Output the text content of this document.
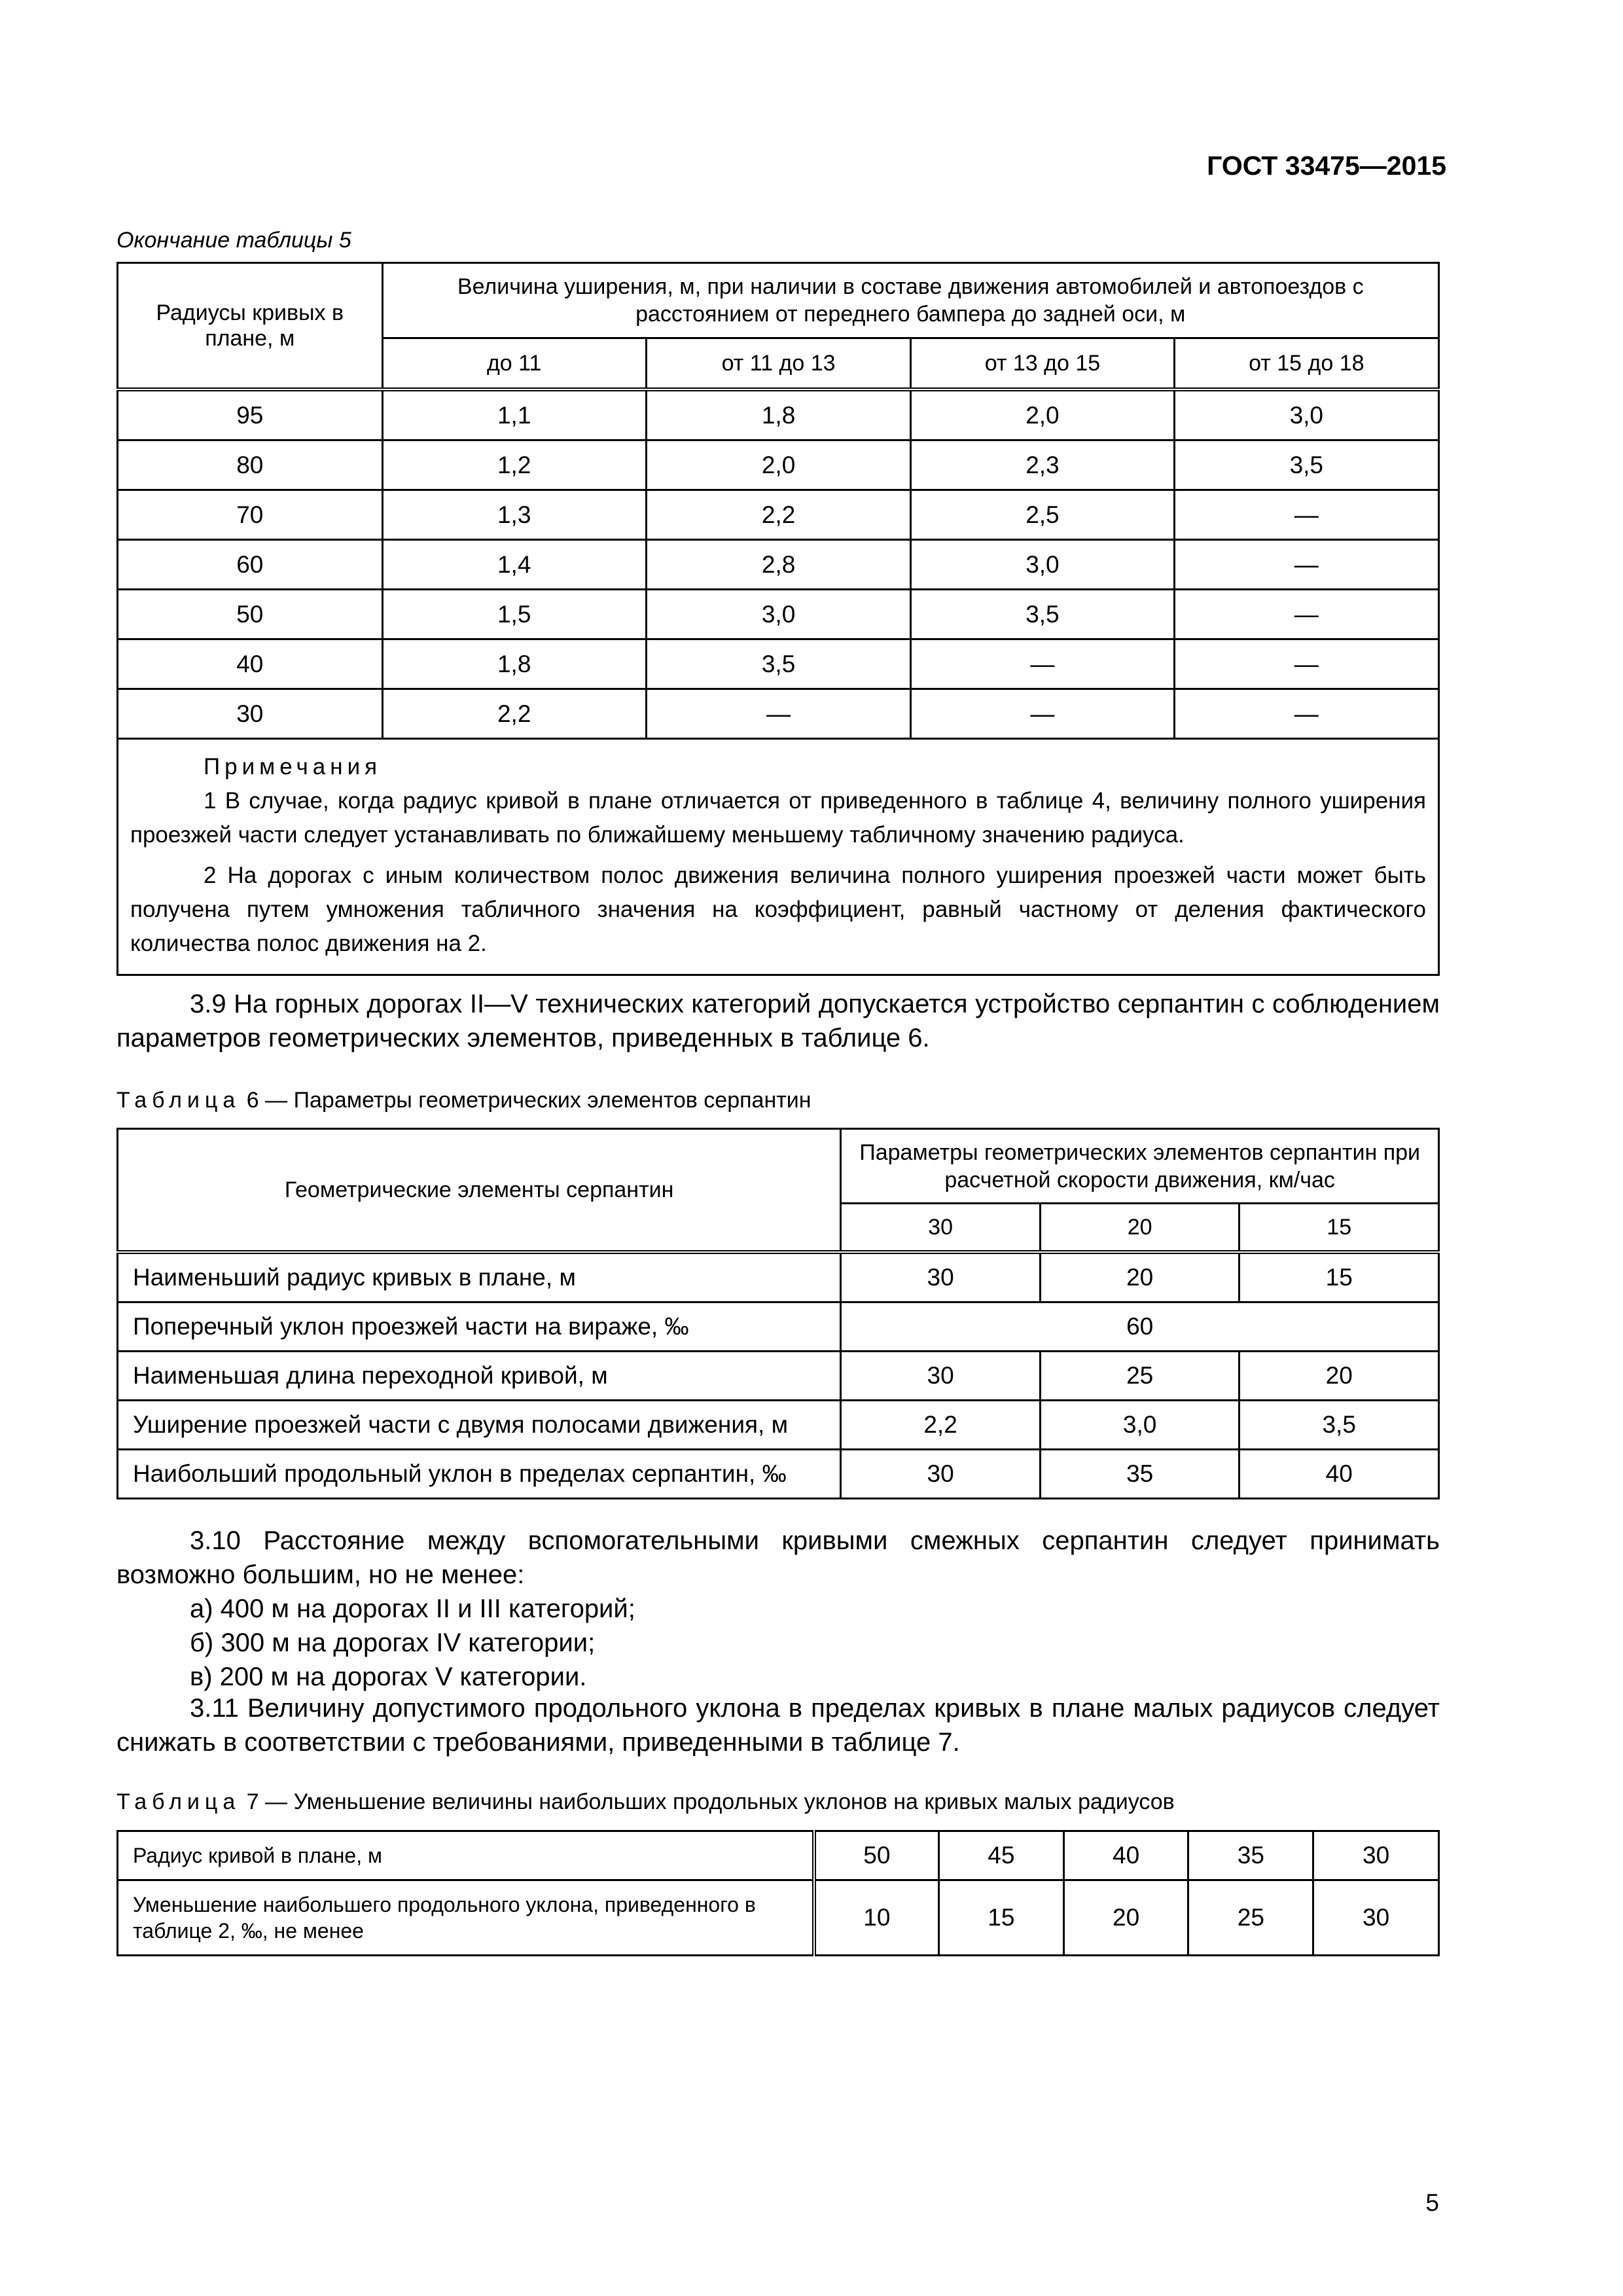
ГОСТ 33475—2015
Окончание таблицы 5
Радиусы кривых в плане, м	Величина уширения, м, при наличии в составе движения автомобилей и автопоездов с расстоянием от переднего бампера до задней оси, м			
	до 11	от 11 до 13	от 13 до 15	от 15 до 18
95	1,1	1,8	2,0	3,0
80	1,2	2,0	2,3	3,5
70	1,3	2,2	2,5	—
60	1,4	2,8	3,0	—
50	1,5	3,0	3,5	—
40	1,8	3,5	—	—
30	2,2	—	—	—

Примечания
1 В случае, когда радиус кривой в плане отличается от приведенного в таблице 4, величину полного уширения проезжей части следует устанавливать по ближайшему меньшему табличному значению радиуса.
2 На дорогах с иным количеством полос движения величина полного уширения проезжей части может быть получена путем умножения табличного значения на коэффициент, равный частному от деления фактического количества полос движения на 2.				
3.9 На горных дорогах II—V технических категорий допускается устройство серпантин с соблюдением параметров геометрических элементов, приведенных в таблице 6.
Таблица 6 — Параметры геометрических элементов серпантин
Геометрические элементы серпантин	Параметры геометрических элементов серпантин при расчетной скорости движения, км/час		
	30	20	15
Наименьший радиус кривых в плане, м	30	20	15
Поперечный уклон проезжей части на вираже, ‰	60		
Наименьшая длина переходной кривой, м	30	25	20
Уширение проезжей части с двумя полосами движения, м	2,2	3,0	3,5
Наибольший продольный уклон в пределах серпантин, ‰	30	35	40
3.10 Расстояние между вспомогательными кривыми смежных серпантин следует принимать возможно большим, но не менее:
а) 400 м на дорогах II и III категорий;
б) 300 м на дорогах IV категории;
в) 200 м на дорогах V категории.
3.11 Величину допустимого продольного уклона в пределах кривых в плане малых радиусов следует снижать в соответствии с требованиями, приведенными в таблице 7.
Таблица 7 — Уменьшение величины наибольших продольных уклонов на кривых малых радиусов
Радиус кривой в плане, м	50	45	40	35	30
Уменьшение наибольшего продольного уклона, приведенного в таблице 2, ‰, не менее	10	15	20	25	30
5
